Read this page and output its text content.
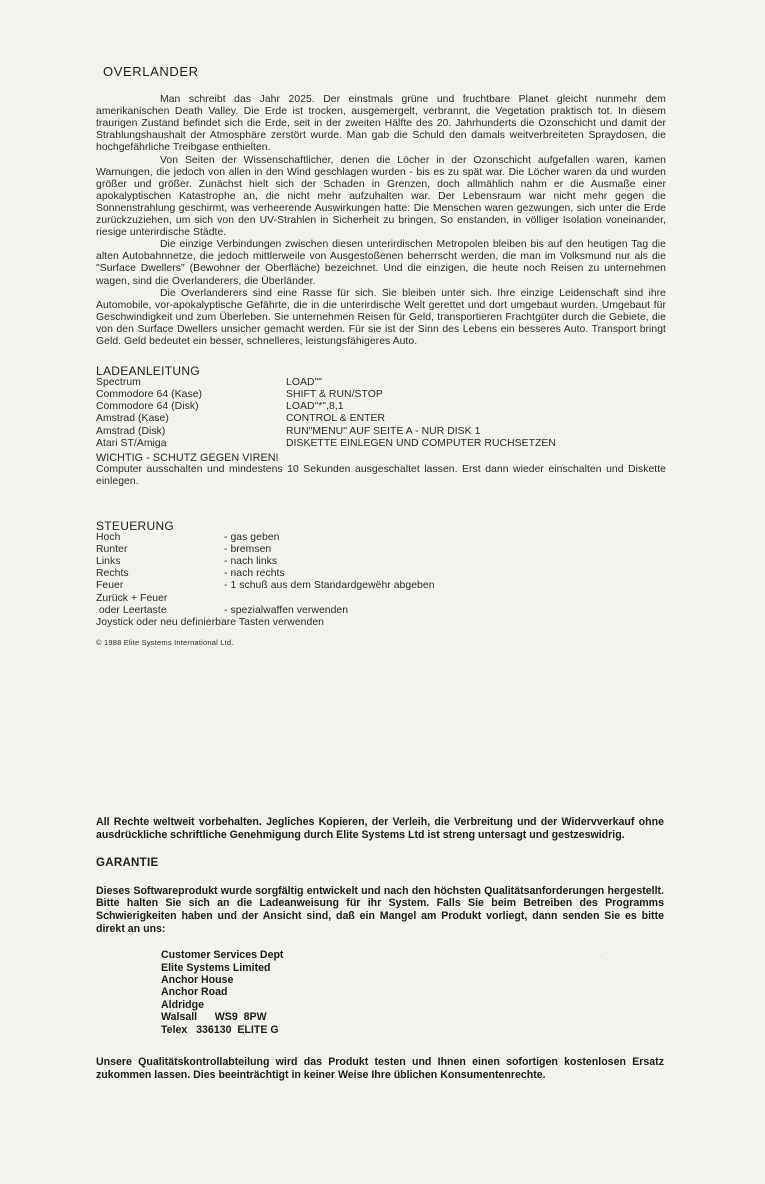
OVERLANDER

Man schreibt das Jahr 2025. Der einstmals grüne und fruchtbare Planet gleicht nunmehr dem amerikanischen Death Valley. Die Erde ist trocken, ausgemergelt, verbrannt, die Vegetation praktisch tot. In diesem traurigen Zustand befindet sich die Erde, seit in der zweiten Hälfte des 20. Jahrhunderts die Ozonschicht und damit der Strahlungshaushalt der Atmosphäre zerstört wurde. Man gab die Schuld den damals weitverbreiteten Spraydosen, die hochgefährliche Treibgase enthielten.

Von Seiten der Wissenschaftlicher, denen die Löcher in der Ozonschicht aufgefallen waren, kamen Warnungen, die jedoch von allen in den Wind geschlagen wurden - bis es zu spät war. Die Löcher waren da und wurden größer und größer. Zunächst hielt sich der Schaden in Grenzen, doch allmählich nahm er die Ausmaße einer apokalyptischen Katastrophe an, die nicht mehr aufzuhalten war. Der Lebensraum war nicht mehr gegen die Sonnenstrahlung geschirmt, was verheerende Auswirkungen hatte: Die Menschen waren gezwungen, sich unter die Erde zurückzuziehen, um sich von den UV-Strahlen in Sicherheit zu bringen. So enstanden, in völliger Isolation voneinander, riesige unterirdische Städte.

Die einzige Verbindungen zwischen diesen unterirdischen Metropolen bleiben bis auf den heutigen Tag die alten Autobahnnetze, die jedoch mittlerweile von Ausgestoßenen beherrscht werden, die man im Volksmund nur als die "Surface Dwellers" (Bewohner der Oberfläche) bezeichnet. Und die einzigen, die heute noch Reisen zu unternehmen wagen, sind die Overlanderers, die Überländer.

Die Overlanderers sind eine Rasse für sich. Sie bleiben unter sich. Ihre einzige Leidenschaft sind ihre Automobile, vor-apokalyptische Gefährte, die in die unterirdische Welt gerettet und dort umgebaut wurden. Umgebaut für Geschwindigkeit und zum Überleben. Sie unternehmen Reisen für Geld, transportieren Frachtgüter durch die Gebiete, die von den Surface Dwellers unsicher gemacht werden. Für sie ist der Sinn des Lebens ein besseres Auto. Transport bringt Geld. Geld bedeutet ein besser, schnelleres, leistungsfähigeres Auto.

LADEANLEITUNG
Spectrum	LOAD""
Commodore 64 (Kase)	SHIFT & RUN/STOP
Commodore 64 (Disk)	LOAD"*",8,1
Amstrad (Kase)	CONTROL & ENTER
Amstrad (Disk)	RUN"MENU" AUF SEITE A - NUR DISK 1
Atari ST/Amiga	DISKETTE EINLEGEN UND COMPUTER RUCHSETZEN
WICHTIG - SCHUTZ GEGEN VIREN!
Computer ausschalten und mindestens 10 Sekunden ausgeschaltet lassen. Erst dann wieder einschalten und Diskette einlegen.
STEUERUNG
Hoch	- gas geben
Runter	- bremsen
Links	- nach links
Rechts	- nach rechts
Feuer	- 1 schuß aus dem Standardgewëhr abgeben
Zurück + Feuer
oder Leertaste	- spezialwaffen verwenden
Joystick oder neu definierbare Tasten verwenden
© 1988 Elite Systems International Ltd.

All Rechte weltweit vorbehalten. Jegliches Kopieren, der Verleih, die Verbreitung und der Widervverkauf ohne ausdrückliche schriftliche Genehmigung durch Elite Systems Ltd ist streng untersagt und gestzeswidrig.

GARANTIE

Dieses Softwareprodukt wurde sorgfältig entwickelt und nach den höchsten Qualitätsanforderungen hergestellt. Bitte halten Sie sich an die Ladeanweisung für ihr System. Falls Sie beim Betreiben des Programms Schwierigkeiten haben und der Ansicht sind, daß ein Mangel am Produkt vorliegt, dann senden Sie es bitte direkt an uns:

Customer Services Dept
Elite Systems Limited
Anchor House
Anchor Road
Aldridge
Walsall      WS9  8PW
Telex   336130  ELITE G

Unsere Qualitätskontrollabteilung wird das Produkt testen und Ihnen einen sofortigen kostenlosen Ersatz zukommen lassen. Dies beeinträchtigt in keiner Weise Ihre üblichen Konsumentenrechte.

·
